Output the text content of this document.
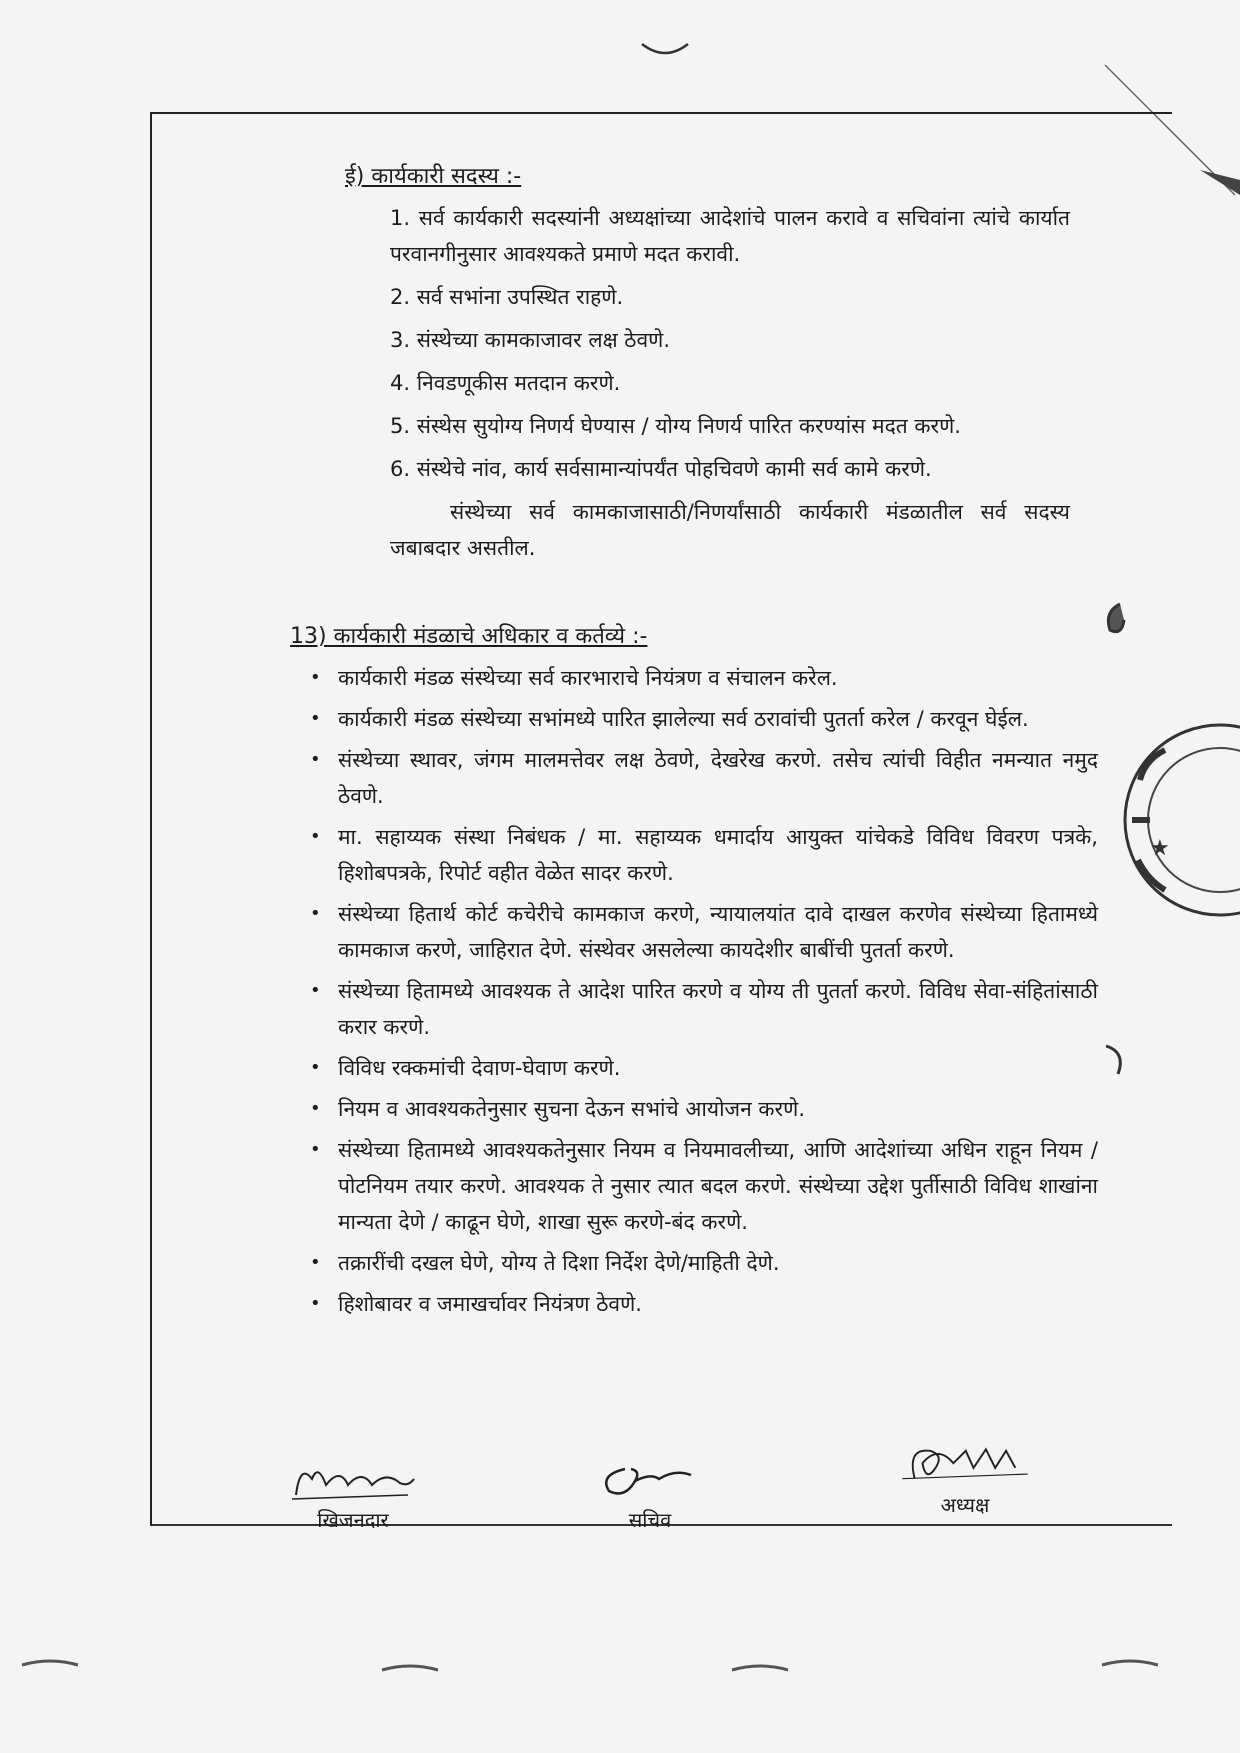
ई) कार्यकारी सदस्य :-

1. सर्व कार्यकारी सदस्यांनी अध्यक्षांच्या आदेशांचे पालन करावे व सचिवांना त्यांचे कार्यात परवानगीनुसार आवश्यकते प्रमाणे मदत करावी.

2. सर्व सभांना उपस्थित राहणे.

3. संस्थेच्या कामकाजावर लक्ष ठेवणे.

4. निवडणूकीस मतदान करणे.

5. संस्थेस सुयोग्य निणर्य घेण्यास / योग्य निणर्य पारित करण्यांस मदत करणे.

6. संस्थेचे नांव, कार्य सर्वसामान्यांपर्यंत पोहचिवणे कामी सर्व कामे करणे.

संस्थेच्या सर्व कामकाजासाठी/निणर्यांसाठी कार्यकारी मंडळातील सर्व सदस्य जबाबदार असतील.

13) कार्यकारी मंडळाचे अधिकार व कर्तव्ये :-
• कार्यकारी मंडळ संस्थेच्या सर्व कारभाराचे नियंत्रण व संचालन करेल.
• कार्यकारी मंडळ संस्थेच्या सभांमध्ये पारित झालेल्या सर्व ठरावांची पुतर्ता करेल / करवून घेईल.
• संस्थेच्या स्थावर, जंगम मालमत्तेवर लक्ष ठेवणे, देखरेख करणे. तसेच त्यांची विहीत नमन्यात नमुद ठेवणे.
• मा. सहाय्यक संस्था निबंधक / मा. सहाय्यक धमार्दाय आयुक्त यांचेकडे विविध विवरण पत्रके, हिशोबपत्रके, रिपोर्ट वहीत वेळेत सादर करणे.
• संस्थेच्या हितार्थ कोर्ट कचेरीचे कामकाज करणे, न्यायालयांत दावे दाखल करणेव संस्थेच्या हितामध्ये कामकाज करणे, जाहिरात देणे. संस्थेवर असलेल्या कायदेशीर बाबींची पुतर्ता करणे.
• संस्थेच्या हितामध्ये आवश्यक ते आदेश पारित करणे व योग्य ती पुतर्ता करणे. विविध सेवा-संहितांसाठी करार करणे.
• विविध रक्कमांची देवाण-घेवाण करणे.
• नियम व आवश्यकतेनुसार सुचना देऊन सभांचे आयोजन करणे.
• संस्थेच्या हितामध्ये आवश्यकतेनुसार नियम व नियमावलीच्या, आणि आदेशांच्या अधिन राहून नियम / पोटनियम तयार करणे. आवश्यक ते नुसार त्यात बदल करणे. संस्थेच्या उद्देश पुर्तीसाठी विविध शाखांना मान्यता देणे / काढून घेणे, शाखा सुरू करणे-बंद करणे.
• तक्रारींची दखल घेणे, योग्य ते दिशा निर्देश देणे/माहिती देणे.
• हिशोबावर व जमाखर्चावर नियंत्रण ठेवणे.
★
खिजनदार	सचिव
अध्यक्ष
